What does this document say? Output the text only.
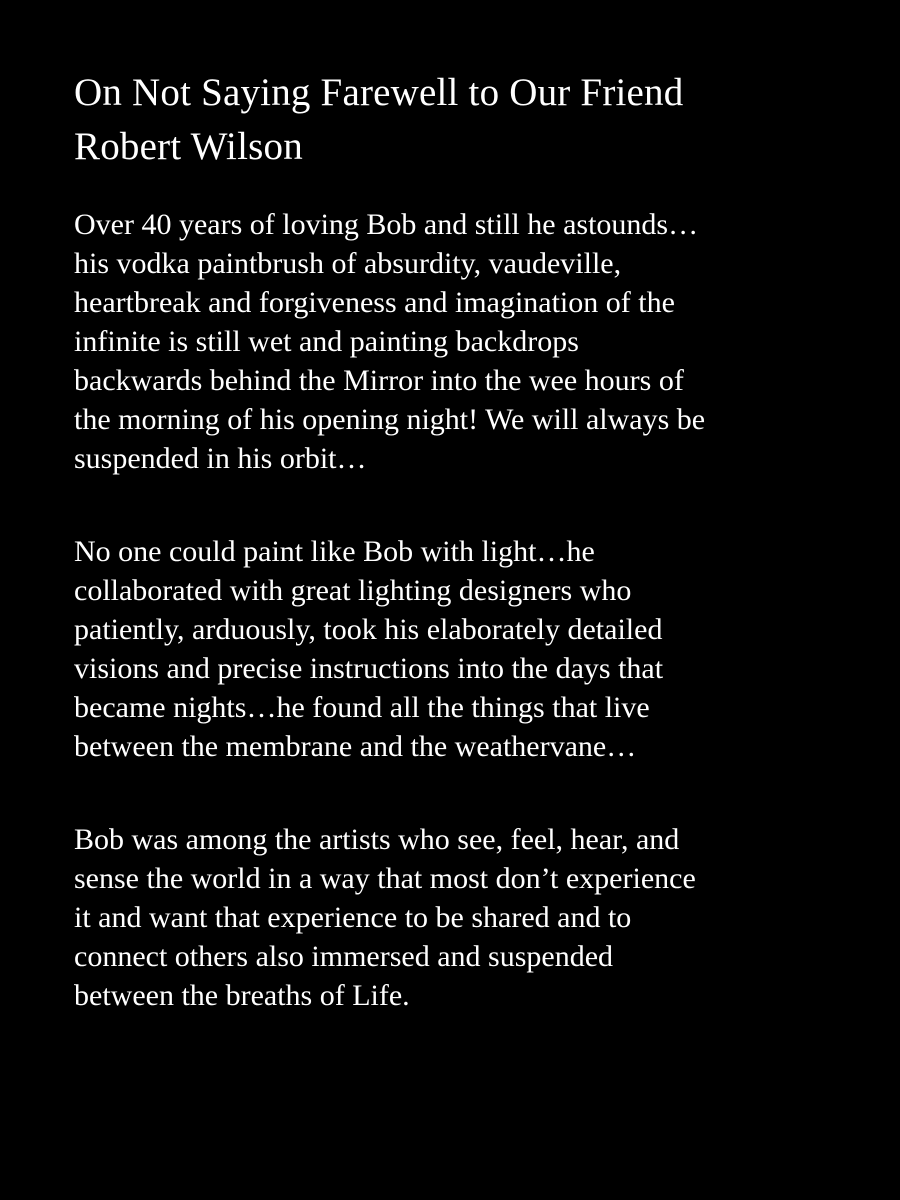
On Not Saying Farewell to Our Friend
Robert Wilson

Over 40 years of loving Bob and still he astounds…
his vodka paintbrush of absurdity, vaudeville,
heartbreak and forgiveness and imagination of the
infinite is still wet and painting backdrops
backwards behind the Mirror into the wee hours of
the morning of his opening night! We will always be
suspended in his orbit…

No one could paint like Bob with light…he
collaborated with great lighting designers who
patiently, arduously, took his elaborately detailed
visions and precise instructions into the days that
became nights…he found all the things that live
between the membrane and the weathervane…

Bob was among the artists who see, feel, hear, and
sense the world in a way that most don’t experience
it and want that experience to be shared and to
connect others also immersed and suspended
between the breaths of Life.
